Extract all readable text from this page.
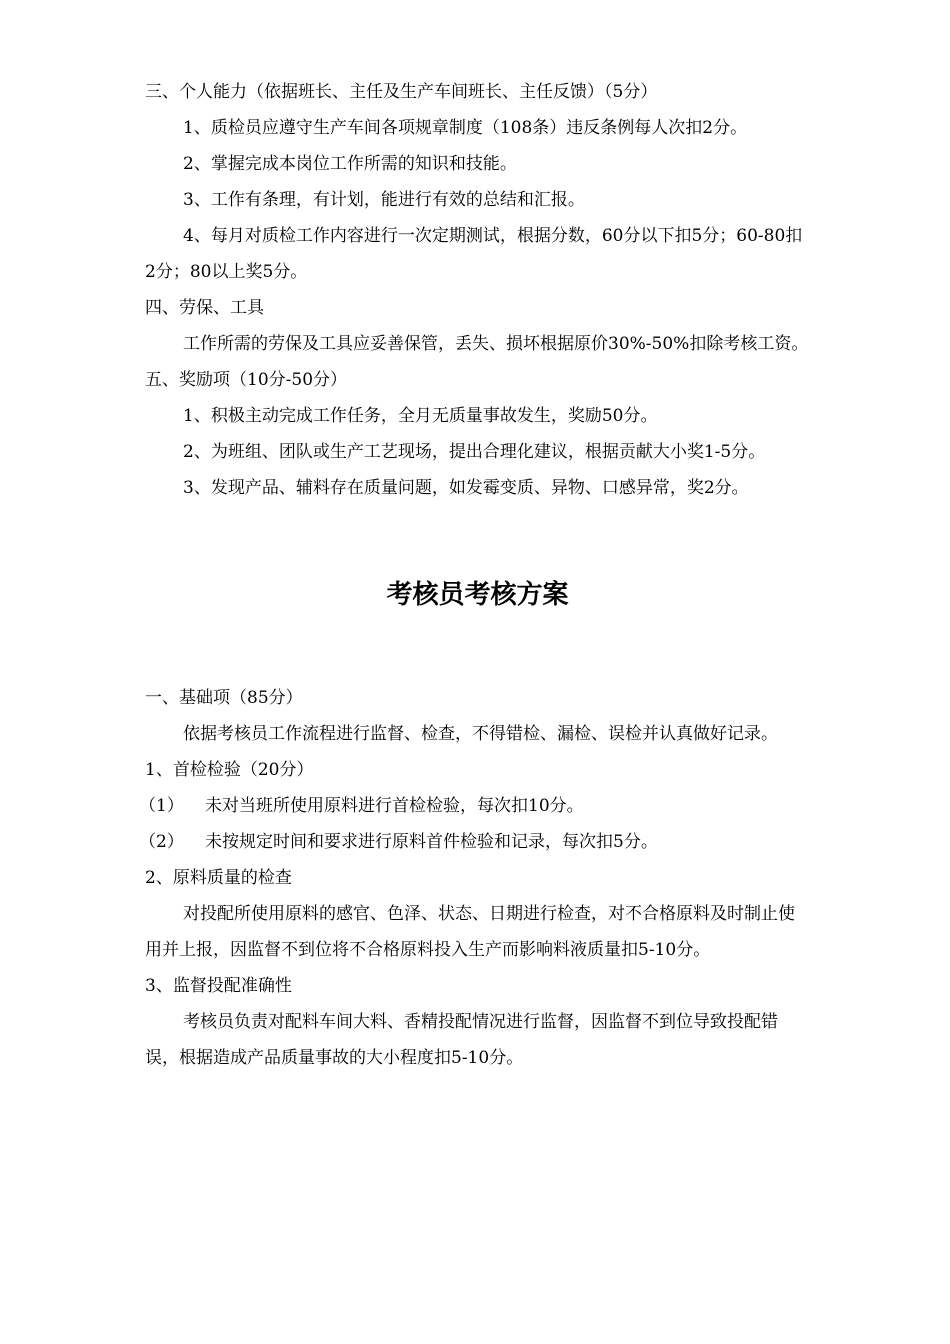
三、个人能力（依据班长、主任及生产车间班长、主任反馈）（5分）

1、质检员应遵守生产车间各项规章制度（108条）违反条例每人次扣2分。

2、掌握完成本岗位工作所需的知识和技能。

3、工作有条理，有计划，能进行有效的总结和汇报。

4、每月对质检工作内容进行一次定期测试，根据分数，60分以下扣5分；60-80扣2分；80以上奖5分。

四、劳保、工具

工作所需的劳保及工具应妥善保管，丢失、损坏根据原价30%-50%扣除考核工资。

五、奖励项（10分-50分）

1、积极主动完成工作任务，全月无质量事故发生，奖励50分。

2、为班组、团队或生产工艺现场，提出合理化建议，根据贡献大小奖1-5分。

3、发现产品、辅料存在质量问题，如发霉变质、异物、口感异常，奖2分。

考核员考核方案

一、基础项（85分）

依据考核员工作流程进行监督、检查，不得错检、漏检、误检并认真做好记录。

1、首检检验（20分）

（1） 未对当班所使用原料进行首检检验，每次扣10分。

（2） 未按规定时间和要求进行原料首件检验和记录，每次扣5分。

2、原料质量的检查

对投配所使用原料的感官、色泽、状态、日期进行检查，对不合格原料及时制止使用并上报，因监督不到位将不合格原料投入生产而影响料液质量扣5-10分。

3、监督投配准确性

考核员负责对配料车间大料、香精投配情况进行监督，因监督不到位导致投配错误，根据造成产品质量事故的大小程度扣5-10分。
